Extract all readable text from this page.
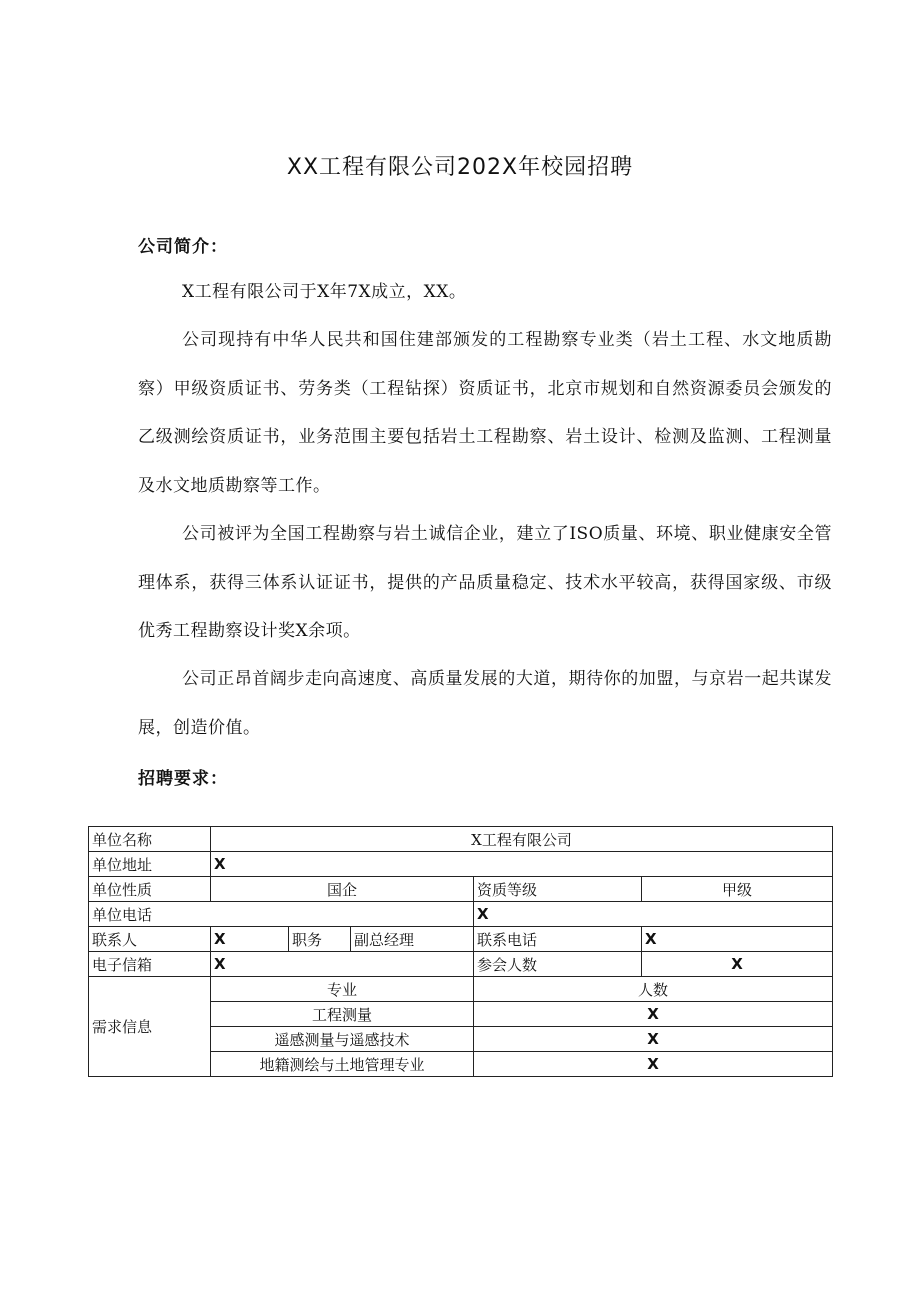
XX工程有限公司202X年校园招聘
公司简介：
X工程有限公司于X年7X成立，XX。
公司现持有中华人民共和国住建部颁发的工程勘察专业类（岩土工程、水文地质勘察）甲级资质证书、劳务类（工程钻探）资质证书，北京市规划和自然资源委员会颁发的乙级测绘资质证书，业务范围主要包括岩土工程勘察、岩土设计、检测及监测、工程测量及水文地质勘察等工作。
公司被评为全国工程勘察与岩土诚信企业，建立了ISO质量、环境、职业健康安全管理体系，获得三体系认证证书，提供的产品质量稳定、技术水平较高，获得国家级、市级优秀工程勘察设计奖X余项。
公司正昂首阔步走向高速度、高质量发展的大道，期待你的加盟，与京岩一起共谋发展，创造价值。
招聘要求：
单位名称	X工程有限公司				
单位地址	X				
单位性质	国企			资质等级	甲级
单位电话				X	
联系人	X	职务	副总经理	联系电话	X
电子信箱	X			参会人数	X
需求信息	专业			人数	
	工程测量			X	
	遥感测量与遥感技术			X	
	地籍测绘与土地管理专业			X	
